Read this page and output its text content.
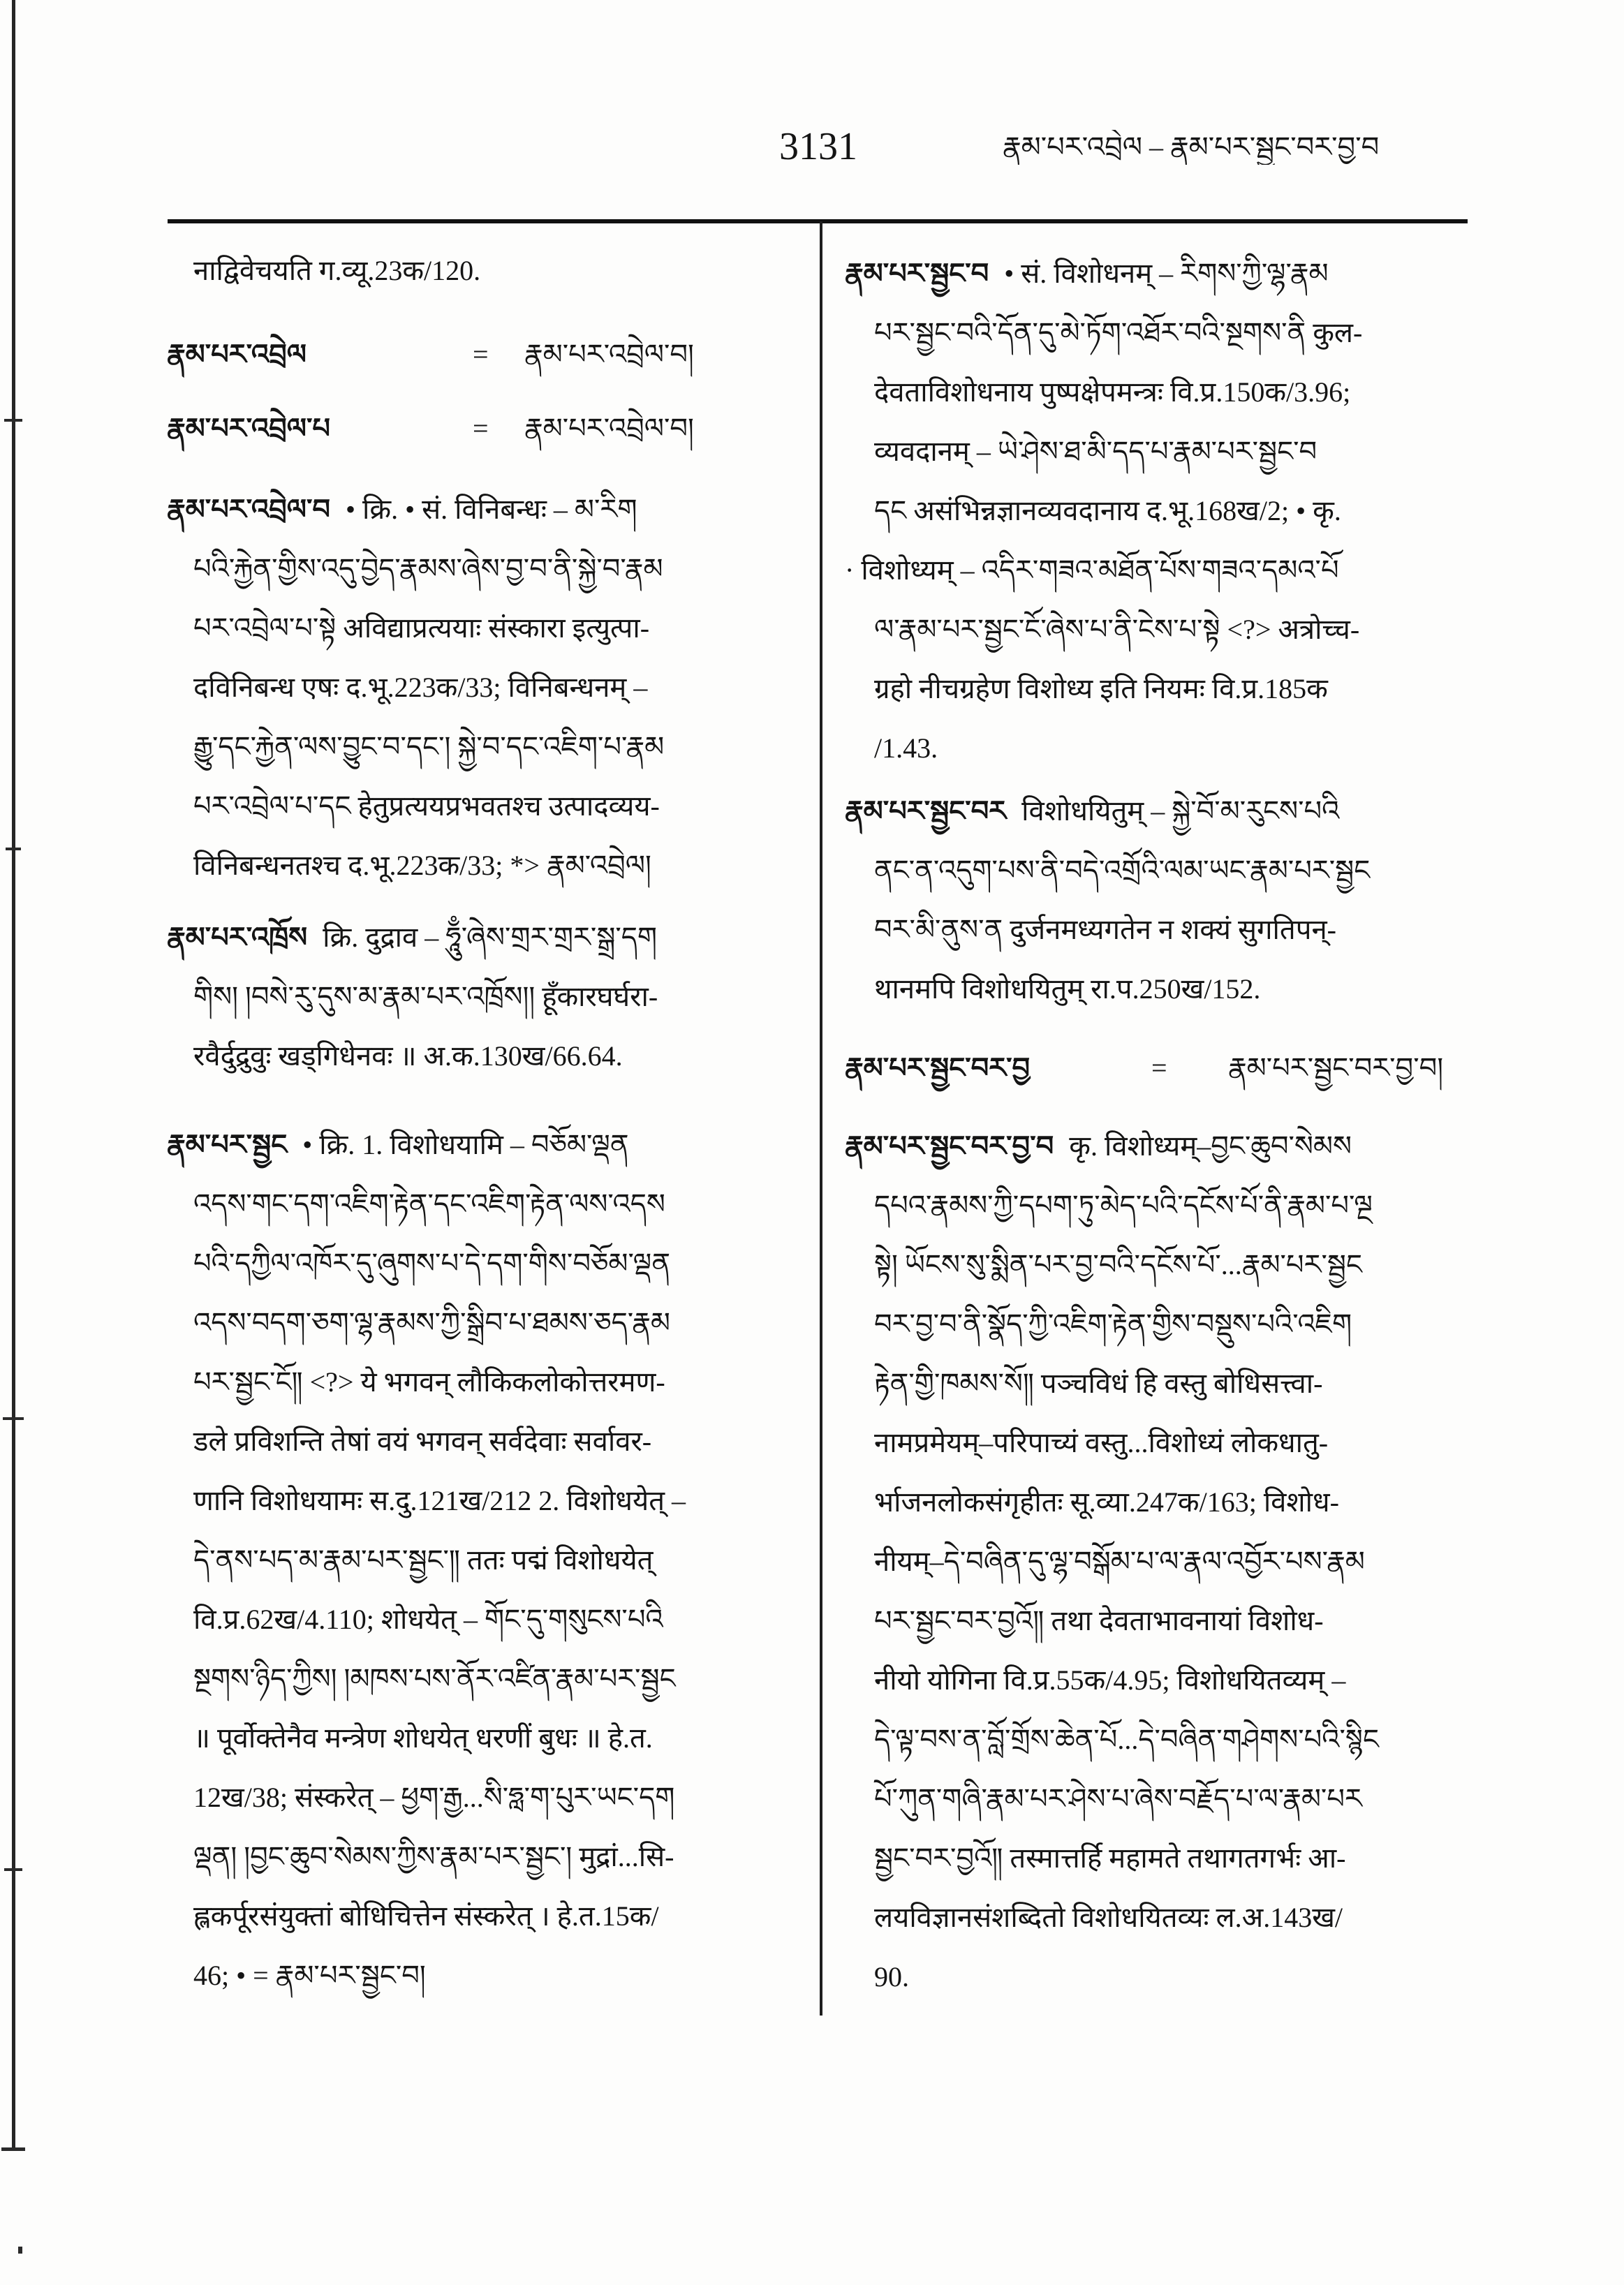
3131	རྣམ་པར་འབྲེལ – རྣམ་པར་སྦྱང་བར་བྱ་བ
नाद्विवेचयति ग.व्यू.23क/120.
རྣམ་པར་འབྲེལ	= རྣམ་པར་འབྲེལ་བ།
རྣམ་པར་འབྲེལ་པ	= རྣམ་པར་འབྲེལ་བ།
རྣམ་པར་འབྲེལ་བ • क्रि. • सं. विनिबन्धः – མ་རིག
པའི་རྐྱེན་གྱིས་འདུ་བྱེད་རྣམས་ཞེས་བྱ་བ་ནི་སྐྱེ་བ་རྣམ
པར་འབྲེལ་པ་སྟེ अविद्याप्रत्ययाः संस्कारा इत्युत्पा-
दविनिबन्ध एषः द.भू.223क/33; विनिबन्धनम् –
རྒྱུ་དང་རྐྱེན་ལས་བྱུང་བ་དང་། སྐྱེ་བ་དང་འཇིག་པ་རྣམ
པར་འབྲེལ་པ་དང हेतुप्रत्ययप्रभवतश्च उत्पादव्यय-
विनिबन्धनतश्च द.भू.223क/33; *> རྣམ་འབྲེལ།
རྣམ་པར་འཁྲོས क्रि. दुद्राव – ཧཱུྃ་ཞེས་གྲར་གྲར་སྒྲ་དག
གིས། །བསེ་རུ་དུས་མ་རྣམ་པར་འཁྲོས།། हूँकारघर्घरा-
रवैर्दुद्रुवुः खड्गिधेनवः ॥ अ.क.130ख/66.64.
རྣམ་པར་སྦྱང • क्रि. 1. विशोधयामि – བཅོམ་ལྡན
འདས་གང་དག་འཇིག་རྟེན་དང་འཇིག་རྟེན་ལས་འདས
པའི་དཀྱིལ་འཁོར་དུ་ཞུགས་པ་དེ་དག་གིས་བཅོམ་ལྡན
འདས་བདག་ཅག་ལྷ་རྣམས་ཀྱི་སྒྲིབ་པ་ཐམས་ཅད་རྣམ
པར་སྦྱང་ངོ༎ <?> ये भगवन् लौकिकलोकोत्तरमण-
डले प्रविशन्ति तेषां वयं भगवन् सर्वदेवाः सर्वावर-
णानि विशोधयामः स.दु.121ख/212 2. विशोधयेत् –
དེ་ནས་པད་མ་རྣམ་པར་སྦྱང་༎ ततः पद्मं विशोधयेत्
वि.प्र.62ख/4.110; शोधयेत् – གོང་དུ་གསུངས་པའི
སྔགས་ཉིད་ཀྱིས། །མཁས་པས་ནོར་འཛིན་རྣམ་པར་སྦྱང
॥ पूर्वोक्तेनैव मन्त्रेण शोधयेत् धरणीं बुधः ॥ हे.त.
12ख/38; संस्करेत् – ཕྱག་རྒྱ...སི་ཧླ་ག་པུར་ཡང་དག
ལྡན། །བྱང་ཆུབ་སེམས་ཀྱིས་རྣམ་པར་སྦྱང་། मुद्रां...सि-
ह्लकर्पूरसंयुक्तां बोधिचित्तेन संस्करेत् । हे.त.15क/
46; • = རྣམ་པར་སྦྱང་བ།
རྣམ་པར་སྦྱང་བ • सं. विशोधनम् – རིགས་ཀྱི་ལྷ་རྣམ
པར་སྦྱང་བའི་དོན་དུ་མེ་ཏོག་འཐོར་བའི་སྔགས་ནི कुल-
देवताविशोधनाय पुष्पक्षेपमन्त्रः वि.प्र.150क/3.96;
व्यवदानम् – ཡེ་ཤེས་ཐ་མི་དད་པ་རྣམ་པར་སྦྱང་བ
དང असंभिन्नज्ञानव्यवदानाय द.भू.168ख/2; • कृ.
· विशोध्यम् – འདིར་གཟའ་མཐོན་པོས་གཟའ་དམའ་པོ
ལ་རྣམ་པར་སྦྱང་ངོ་ཞེས་པ་ནི་ངེས་པ་སྟེ <?> अत्रोच्च-
ग्रहो नीचग्रहेण विशोध्य इति नियमः वि.प्र.185क
/1.43.
རྣམ་པར་སྦྱང་བར विशोधयितुम् – སྐྱེ་བོ་མ་རུངས་པའི
ནང་ན་འདུག་པས་ནི་བདེ་འགྲོའི་ལམ་ཡང་རྣམ་པར་སྦྱང
བར་མི་ནུས་ན दुर्जनमध्यगतेन न शक्यं सुगतिपन्-
थानमपि विशोधयितुम् रा.प.250ख/152.
རྣམ་པར་སྦྱང་བར་བྱ	= རྣམ་པར་སྦྱང་བར་བྱ་བ།
རྣམ་པར་སྦྱང་བར་བྱ་བ कृ. विशोध्यम्–བྱང་ཆུབ་སེམས
དཔའ་རྣམས་ཀྱི་དཔག་ཏུ་མེད་པའི་དངོས་པོ་ནི་རྣམ་པ་ལྔ
སྟེ། ཡོངས་སུ་སྨིན་པར་བྱ་བའི་དངོས་པོ་...རྣམ་པར་སྦྱང
བར་བྱ་བ་ནི་སྣོད་ཀྱི་འཇིག་རྟེན་གྱིས་བསྡུས་པའི་འཇིག
རྟེན་གྱི་ཁམས་སོ༎ पञ्चविधं हि वस्तु बोधिसत्त्वा-
नामप्रमेयम्–परिपाच्यं वस्तु...विशोध्यं लोकधातु-
र्भाजनलोकसंगृहीतः सू.व्या.247क/163; विशोध-
नीयम्–དེ་བཞིན་དུ་ལྷ་བསྒོམ་པ་ལ་རྣལ་འབྱོར་པས་རྣམ
པར་སྦྱང་བར་བྱའོ༎ तथा देवताभावनायां विशोध-
नीयो योगिना वि.प्र.55क/4.95; विशोधयितव्यम् –
དེ་ལྟ་བས་ན་བློ་གྲོས་ཆེན་པོ...དེ་བཞིན་གཤེགས་པའི་སྙིང
པོ་ཀུན་གཞི་རྣམ་པར་ཤེས་པ་ཞེས་བརྗོད་པ་ལ་རྣམ་པར
སྦྱང་བར་བྱའོ༎ तस्मात्तर्हि महामते तथागतगर्भः आ-
लयविज्ञानसंशब्दितो विशोधयितव्यः ल.अ.143ख/
90.
